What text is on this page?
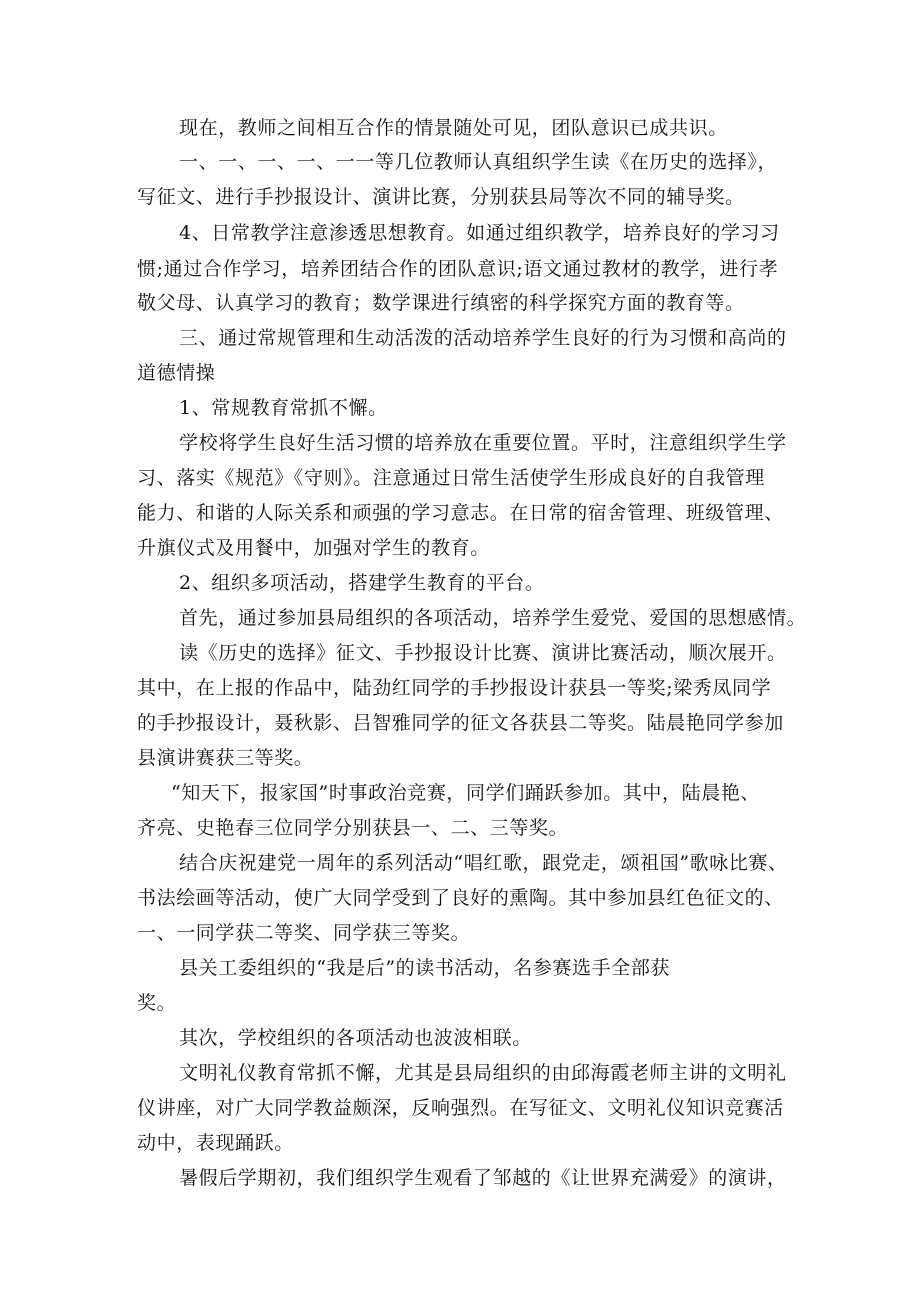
现在，教师之间相互合作的情景随处可见，团队意识已成共识。
一、一、一、一、一一等几位教师认真组织学生读《在历史的选择》，
写征文、进行手抄报设计、演讲比赛，分别获县局等次不同的辅导奖。
4、日常教学注意渗透思想教育。如通过组织教学，培养良好的学习习
惯;通过合作学习，培养团结合作的团队意识;语文通过教材的教学，进行孝
敬父母、认真学习的教育；数学课进行缜密的科学探究方面的教育等。
三、通过常规管理和生动活泼的活动培养学生良好的行为习惯和高尚的
道德情操
1、常规教育常抓不懈。
学校将学生良好生活习惯的培养放在重要位置。平时，注意组织学生学
习、落实《规范》《守则》。注意通过日常生活使学生形成良好的自我管理
能力、和谐的人际关系和顽强的学习意志。在日常的宿舍管理、班级管理、
升旗仪式及用餐中，加强对学生的教育。
2、组织多项活动，搭建学生教育的平台。
首先，通过参加县局组织的各项活动，培养学生爱党、爱国的思想感情。
读《历史的选择》征文、手抄报设计比赛、演讲比赛活动，顺次展开。
其中，在上报的作品中，陆劲红同学的手抄报设计获县一等奖;梁秀凤同学
的手抄报设计，聂秋影、吕智雅同学的征文各获县二等奖。陆晨艳同学参加
县演讲赛获三等奖。
“知天下，报家国”时事政治竞赛，同学们踊跃参加。其中，陆晨艳、
齐亮、史艳春三位同学分别获县一、二、三等奖。
结合庆祝建党一周年的系列活动“唱红歌，跟党走，颂祖国”歌咏比赛、
书法绘画等活动，使广大同学受到了良好的熏陶。其中参加县红色征文的、
一、一同学获二等奖、同学获三等奖。
县关工委组织的“我是后”的读书活动，名参赛选手全部获
奖。
其次，学校组织的各项活动也波波相联。
文明礼仪教育常抓不懈，尤其是县局组织的由邱海霞老师主讲的文明礼
仪讲座，对广大同学教益颇深，反响强烈。在写征文、文明礼仪知识竞赛活
动中，表现踊跃。
暑假后学期初，我们组织学生观看了邹越的《让世界充满爱》的演讲，
